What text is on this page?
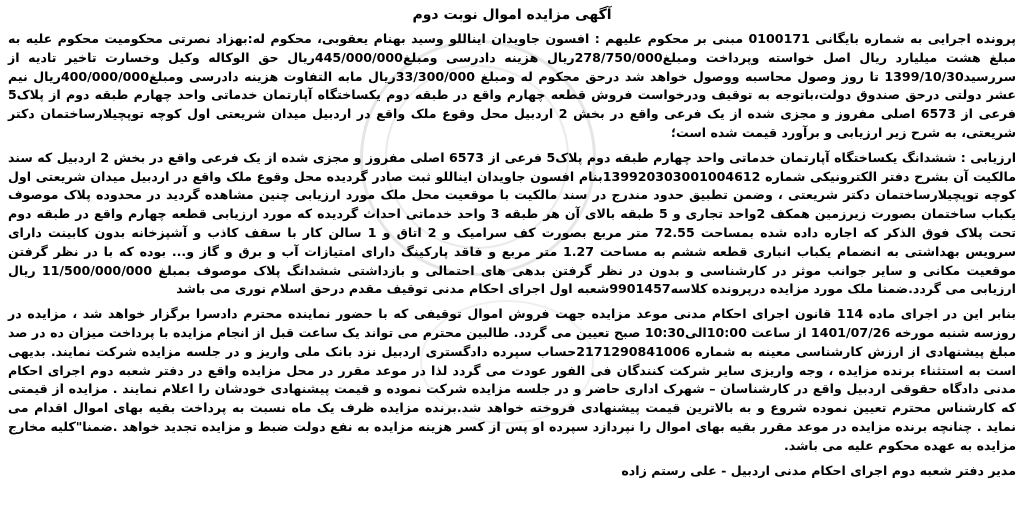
آگهی مزایده اموال نوبت دوم
پرونده اجرایی به شماره بایگانی 0100171 مبنی بر محکوم علیهم : افسون جاویدان ایناللو وسید بهنام یعقوبی، محکوم له:بهزاد نصرتی محکومیت محکوم علیه به مبلغ هشت میلیارد ریال اصل خواسته وپرداخت ومبلغ278/750/000ریال هزینه دادرسی ومبلغ445/000/000ریال حق الوکاله وکیل وخسارت تاخیر تادیه از سررسید1399/10/30 تا روز وصول محاسبه ووصول خواهد شد درحق محکوم له ومبلغ 33/300/000ریال مابه التفاوت هزینه دادرسی ومبلغ400/000/000ریال نیم عشر دولتی درحق صندوق دولت،باتوجه به توقیف ودرخواست فروش قطعه چهارم واقع در طبقه دوم یکساختگاه آپارتمان خدماتی واحد چهارم طبقه دوم از پلاک5 فرعی از 6573 اصلی مفروز و مجزی شده از یک فرعی واقع در بخش 2 اردبیل محل وقوع ملک واقع در اردبیل میدان شریعتی اول کوچه توپچیلارساختمان دکتر شریعتی، به شرح زیر ارزیابی و برآورد قیمت شده است؛
ارزیابی : ششدانگ یکساختگاه آپارتمان خدماتی واحد چهارم طبقه دوم پلاک5 فرعی از 6573 اصلی مفروز و مجزی شده از یک فرعی واقع در بخش 2 اردبیل که سند مالکیت آن بشرح دفتر الکترونیکی شماره 139920303001004612بنام افسون جاویدان ایناللو ثبت صادر گردیده محل وقوع ملک واقع در اردبیل میدان شریعتی اول کوچه توپچیلارساختمان دکتر شریعتی ، وضمن تطبیق حدود مندرج در سند مالکیت با موقعیت محل ملک مورد ارزیابی چنین مشاهده گردید در محدوده پلاک موصوف یکباب ساختمان بصورت زیرزمین همکف 2واحد تجاری و 5 طبقه بالای آن هر طبقه 3 واحد خدماتی احداث گردیده که مورد ارزیابی قطعه چهارم واقع در طبقه دوم تحت پلاک فوق الذکر که اجاره داده شده بمساحت 72.55 متر مربع بصورت کف سرامیک و 2 اتاق و 1 سالن کار با سقف کاذب و آشپزخانه بدون کابینت دارای سرویس بهداشتی به انضمام یکباب انباری قطعه ششم به مساحت 1.27 متر مربع و فاقد پارکینگ دارای امتیازات آب و برق و گاز و... بوده که با در نظر گرفتن موقعیت مکانی و سایر جوانب موثر در کارشناسی و بدون در نظر گرفتن بدهی های احتمالی و بازداشتی ششدانگ پلاک موصوف بمبلغ 11/500/000/000 ریال ارزیابی می گردد.ضمنا ملک مورد مزایده درپرونده کلاسه9901457شعبه اول اجرای احکام مدنی توقیف مقدم درحق اسلام نوری می باشد
بنابر این در اجرای ماده 114 قانون اجرای احکام مدنی موعد مزایده جهت فروش اموال توقیفی که با حضور نماینده محترم دادسرا برگزار خواهد شد ، مزایده در روزسه شنبه مورخه 1401/07/26 از ساعت 10:00الی10:30 صبح تعیین می گردد. طالبین محترم می تواند یک ساعت قبل از انجام مزایده با پرداخت میزان ده در صد مبلغ پیشنهادی از ارزش کارشناسی معینه به شماره 2171290841006حساب سپرده دادگستری اردبیل نزد بانک ملی واریز و در جلسه مزایده شرکت نمایند. بدیهی است به استثناء برنده مزایده ، وجه واریزی سایر شرکت کنندگان فی الفور عودت می گردد لذا در موعد مقرر در محل مزایده واقع در دفتر شعبه دوم اجرای احکام مدنی دادگاه حقوقی اردبیل واقع در کارشناسان – شهرک اداری حاضر و در جلسه مزایده شرکت نموده و قیمت پیشنهادی خودشان را اعلام نمایند . مزایده از قیمتی که کارشناس محترم تعیین نموده شروع و به بالاترین قیمت پیشنهادی فروخته خواهد شد.برنده مزایده ظرف یک ماه نسبت به پرداخت بقیه بهای اموال اقدام می نماید . چنانچه برنده مزایده در موعد مقرر بقیه بهای اموال را نپردازد سپرده او پس از کسر هزینه مزایده به نفع دولت ضبط و مزایده تجدید خواهد .ضمنا"کلیه مخارج مزایده به عهده محکوم علیه می باشد.
مدیر دفتر شعبه دوم اجرای احکام مدنی اردبیل - علی رستم زاده
